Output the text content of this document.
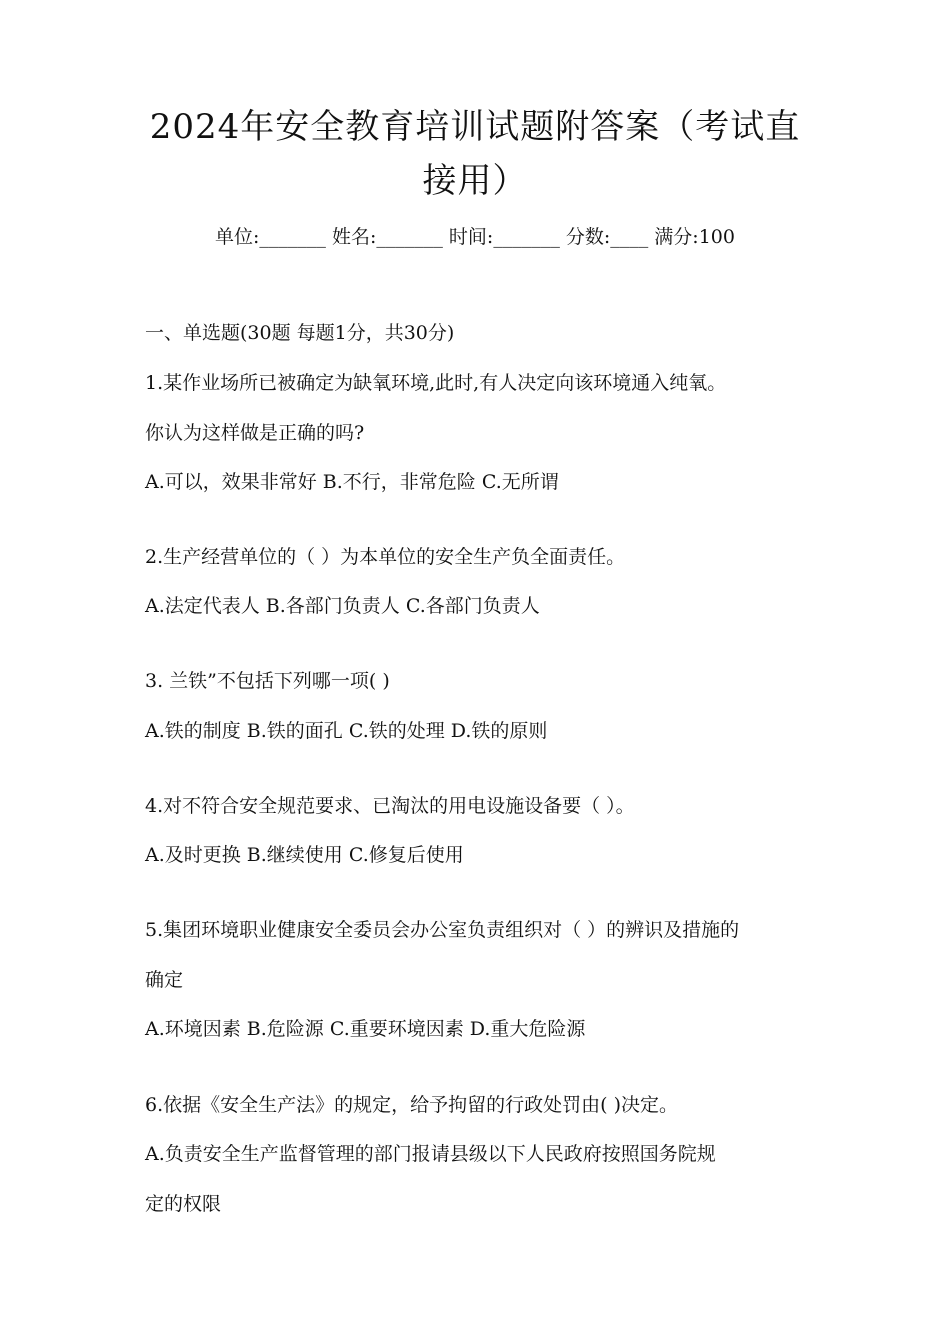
2024年安全教育培训试题附答案（考试直
接用）
单位:_______ 姓名:_______ 时间:_______ 分数:____ 满分:100
一、单选题(30题 每题1分，共30分)
1.某作业场所已被确定为缺氧环境,此时,有人决定向该环境通入纯氧。
你认为这样做是正确的吗?
A.可以，效果非常好 B.不行，非常危险 C.无所谓
2.生产经营单位的（ ）为本单位的安全生产负全面责任。
A.法定代表人 B.各部门负责人 C.各部门负责人
3. 兰铁”不包括下列哪一项( )
A.铁的制度 B.铁的面孔 C.铁的处理 D.铁的原则
4.对不符合安全规范要求、已淘汰的用电设施设备要（ ）。
A.及时更换 B.继续使用 C.修复后使用
5.集团环境职业健康安全委员会办公室负责组织对（ ）的辨识及措施的
确定
A.环境因素 B.危险源 C.重要环境因素 D.重大危险源
6.依据《安全生产法》的规定，给予拘留的行政处罚由( )决定。
A.负责安全生产监督管理的部门报请县级以下人民政府按照国务院规
定的权限
